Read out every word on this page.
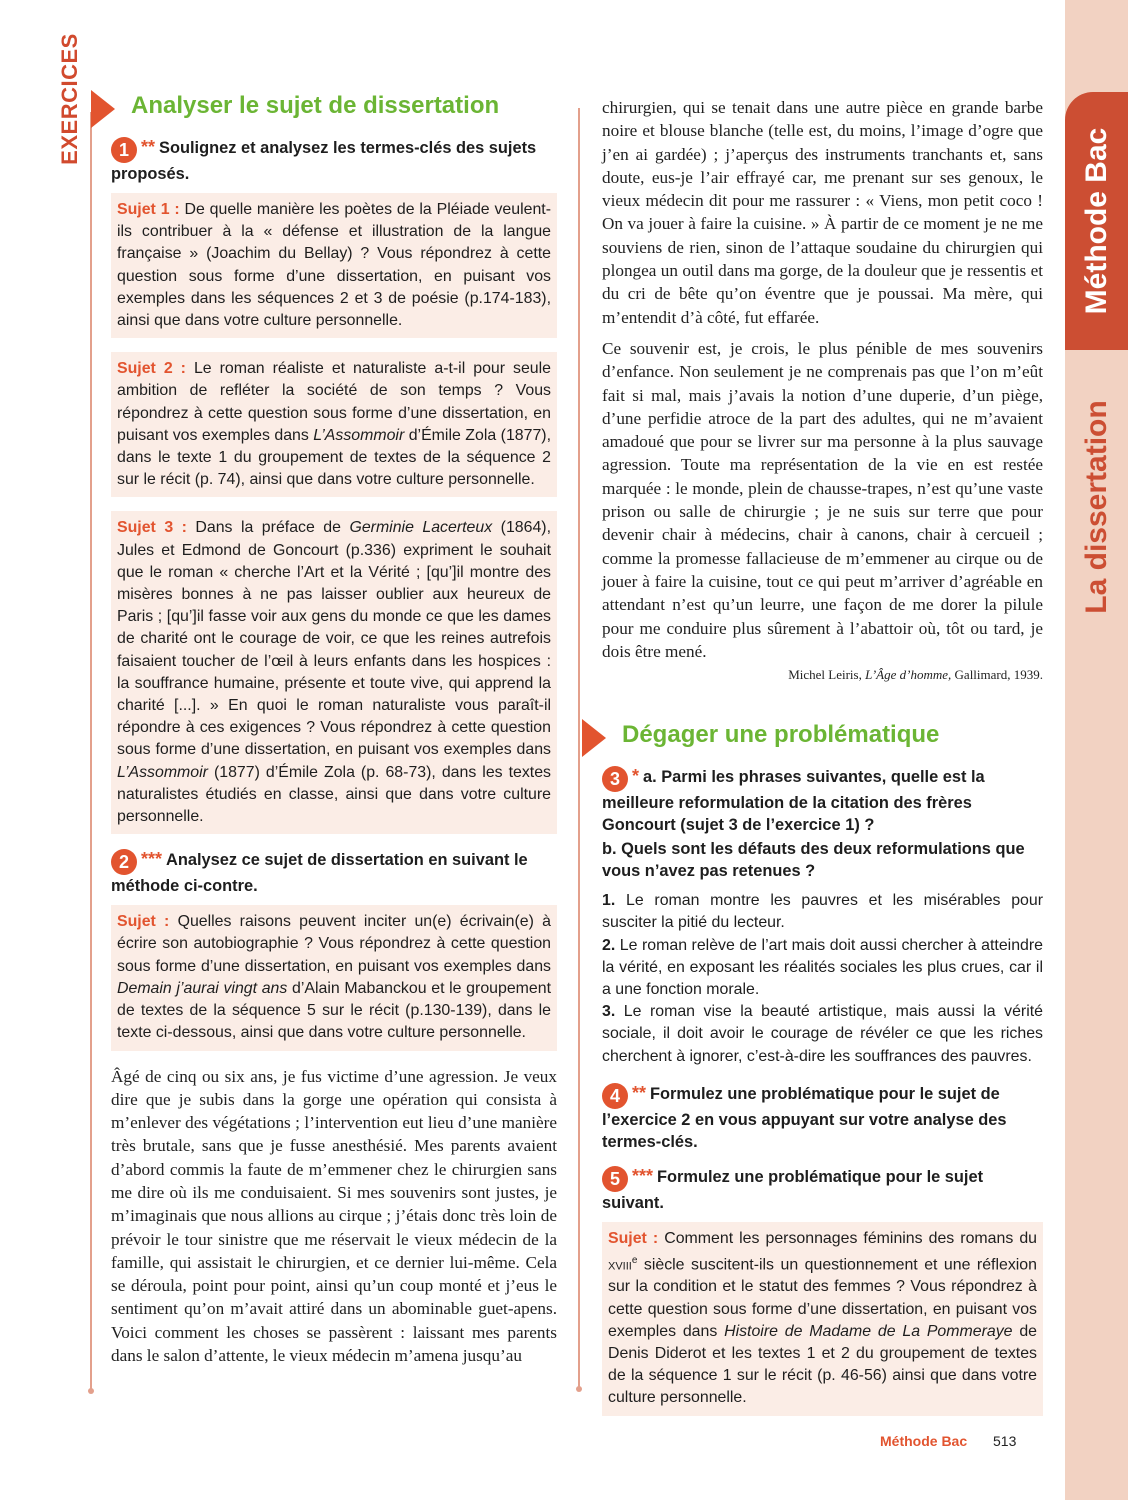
EXERCICES
Méthode Bac
La dissertation
Analyser le sujet de dissertation
1 ** Soulignez et analysez les termes-clés des sujets proposés.
Sujet 1 : De quelle manière les poètes de la Pléiade veulent-ils contribuer à la « défense et illustration de la langue française » (Joachim du Bellay) ? Vous répondrez à cette question sous forme d’une dissertation, en puisant vos exemples dans les séquences 2 et 3 de poésie (p.174-183), ainsi que dans votre culture personnelle.
Sujet 2 : Le roman réaliste et naturaliste a-t-il pour seule ambition de refléter la société de son temps ? Vous répondrez à cette question sous forme d’une dissertation, en puisant vos exemples dans L’Assommoir d’Émile Zola (1877), dans le texte 1 du groupement de textes de la séquence 2 sur le récit (p. 74), ainsi que dans votre culture personnelle.
Sujet 3 : Dans la préface de Germinie Lacerteux (1864), Jules et Edmond de Goncourt (p.336) expriment le souhait que le roman « cherche l’Art et la Vérité ; [qu’]il montre des misères bonnes à ne pas laisser oublier aux heureux de Paris ; [qu’]il fasse voir aux gens du monde ce que les dames de charité ont le courage de voir, ce que les reines autrefois faisaient toucher de l’œil à leurs enfants dans les hospices : la souffrance humaine, présente et toute vive, qui apprend la charité [...]. » En quoi le roman naturaliste vous paraît-il répondre à ces exigences ? Vous répondrez à cette question sous forme d’une dissertation, en puisant vos exemples dans L’Assommoir (1877) d’Émile Zola (p. 68-73), dans les textes naturalistes étudiés en classe, ainsi que dans votre culture personnelle.
2 *** Analysez ce sujet de dissertation en suivant le méthode ci-contre.
Sujet : Quelles raisons peuvent inciter un(e) écrivain(e) à écrire son autobiographie ? Vous répondrez à cette question sous forme d’une dissertation, en puisant vos exemples dans Demain j’aurai vingt ans d’Alain Mabanckou et le groupement de textes de la séquence 5 sur le récit (p.130-139), dans le texte ci-dessous, ainsi que dans votre culture personnelle.

Âgé de cinq ou six ans, je fus victime d’une agression. Je veux dire que je subis dans la gorge une opération qui consista à m’enlever des végétations ; l’intervention eut lieu d’une manière très brutale, sans que je fusse anesthésié. Mes parents avaient d’abord commis la faute de m’emmener chez le chirurgien sans me dire où ils me conduisaient. Si mes souvenirs sont justes, je m’imaginais que nous allions au cirque ; j’étais donc très loin de prévoir le tour sinistre que me réservait le vieux médecin de la famille, qui assistait le chirurgien, et ce dernier lui-même. Cela se déroula, point pour point, ainsi qu’un coup monté et j’eus le sentiment qu’on m’avait attiré dans un abominable guet-apens. Voici comment les choses se passèrent : laissant mes parents dans le salon d’attente, le vieux médecin m’amena jusqu’au

chirurgien, qui se tenait dans une autre pièce en grande barbe noire et blouse blanche (telle est, du moins, l’image d’ogre que j’en ai gardée) ; j’aperçus des instruments tranchants et, sans doute, eus-je l’air effrayé car, me prenant sur ses genoux, le vieux médecin dit pour me rassurer : « Viens, mon petit coco ! On va jouer à faire la cuisine. » À partir de ce moment je ne me souviens de rien, sinon de l’attaque soudaine du chirurgien qui plongea un outil dans ma gorge, de la douleur que je ressentis et du cri de bête qu’on éventre que je poussai. Ma mère, qui m’entendit d’à côté, fut effarée.

Ce souvenir est, je crois, le plus pénible de mes souvenirs d’enfance. Non seulement je ne comprenais pas que l’on m’eût fait si mal, mais j’avais la notion d’une duperie, d’un piège, d’une perfidie atroce de la part des adultes, qui ne m’avaient amadoué que pour se livrer sur ma personne à la plus sauvage agression. Toute ma représentation de la vie en est restée marquée : le monde, plein de chausse-trapes, n’est qu’une vaste prison ou salle de chirurgie ; je ne suis sur terre que pour devenir chair à médecins, chair à canons, chair à cercueil ; comme la promesse fallacieuse de m’emmener au cirque ou de jouer à faire la cuisine, tout ce qui peut m’arriver d’agréable en attendant n’est qu’un leurre, une façon de me dorer la pilule pour me conduire plus sûrement à l’abattoir où, tôt ou tard, je dois être mené.

Michel Leiris, L’Âge d’homme, Gallimard, 1939.
Dégager une problématique
3 * a. Parmi les phrases suivantes, quelle est la meilleure reformulation de la citation des frères Goncourt (sujet 3 de l’exercice 1) ?
b. Quels sont les défauts des deux reformulations que vous n’avez pas retenues ?
1. Le roman montre les pauvres et les misérables pour susciter la pitié du lecteur.
2. Le roman relève de l’art mais doit aussi chercher à atteindre la vérité, en exposant les réalités sociales les plus crues, car il a une fonction morale.
3. Le roman vise la beauté artistique, mais aussi la vérité sociale, il doit avoir le courage de révéler ce que les riches cherchent à ignorer, c’est-à-dire les souffrances des pauvres.
4 ** Formulez une problématique pour le sujet de l’exercice 2 en vous appuyant sur votre analyse des termes-clés.
5 *** Formulez une problématique pour le sujet suivant.
Sujet : Comment les personnages féminins des romans du xviii$^e$ siècle suscitent-ils un questionnement et une réflexion sur la condition et le statut des femmes ? Vous répondrez à cette question sous forme d’une dissertation, en puisant vos exemples dans Histoire de Madame de La Pommeraye de Denis Diderot et les textes 1 et 2 du groupement de textes de la séquence 1 sur le récit (p. 46-56) ainsi que dans votre culture personnelle.
Méthode Bac 513
